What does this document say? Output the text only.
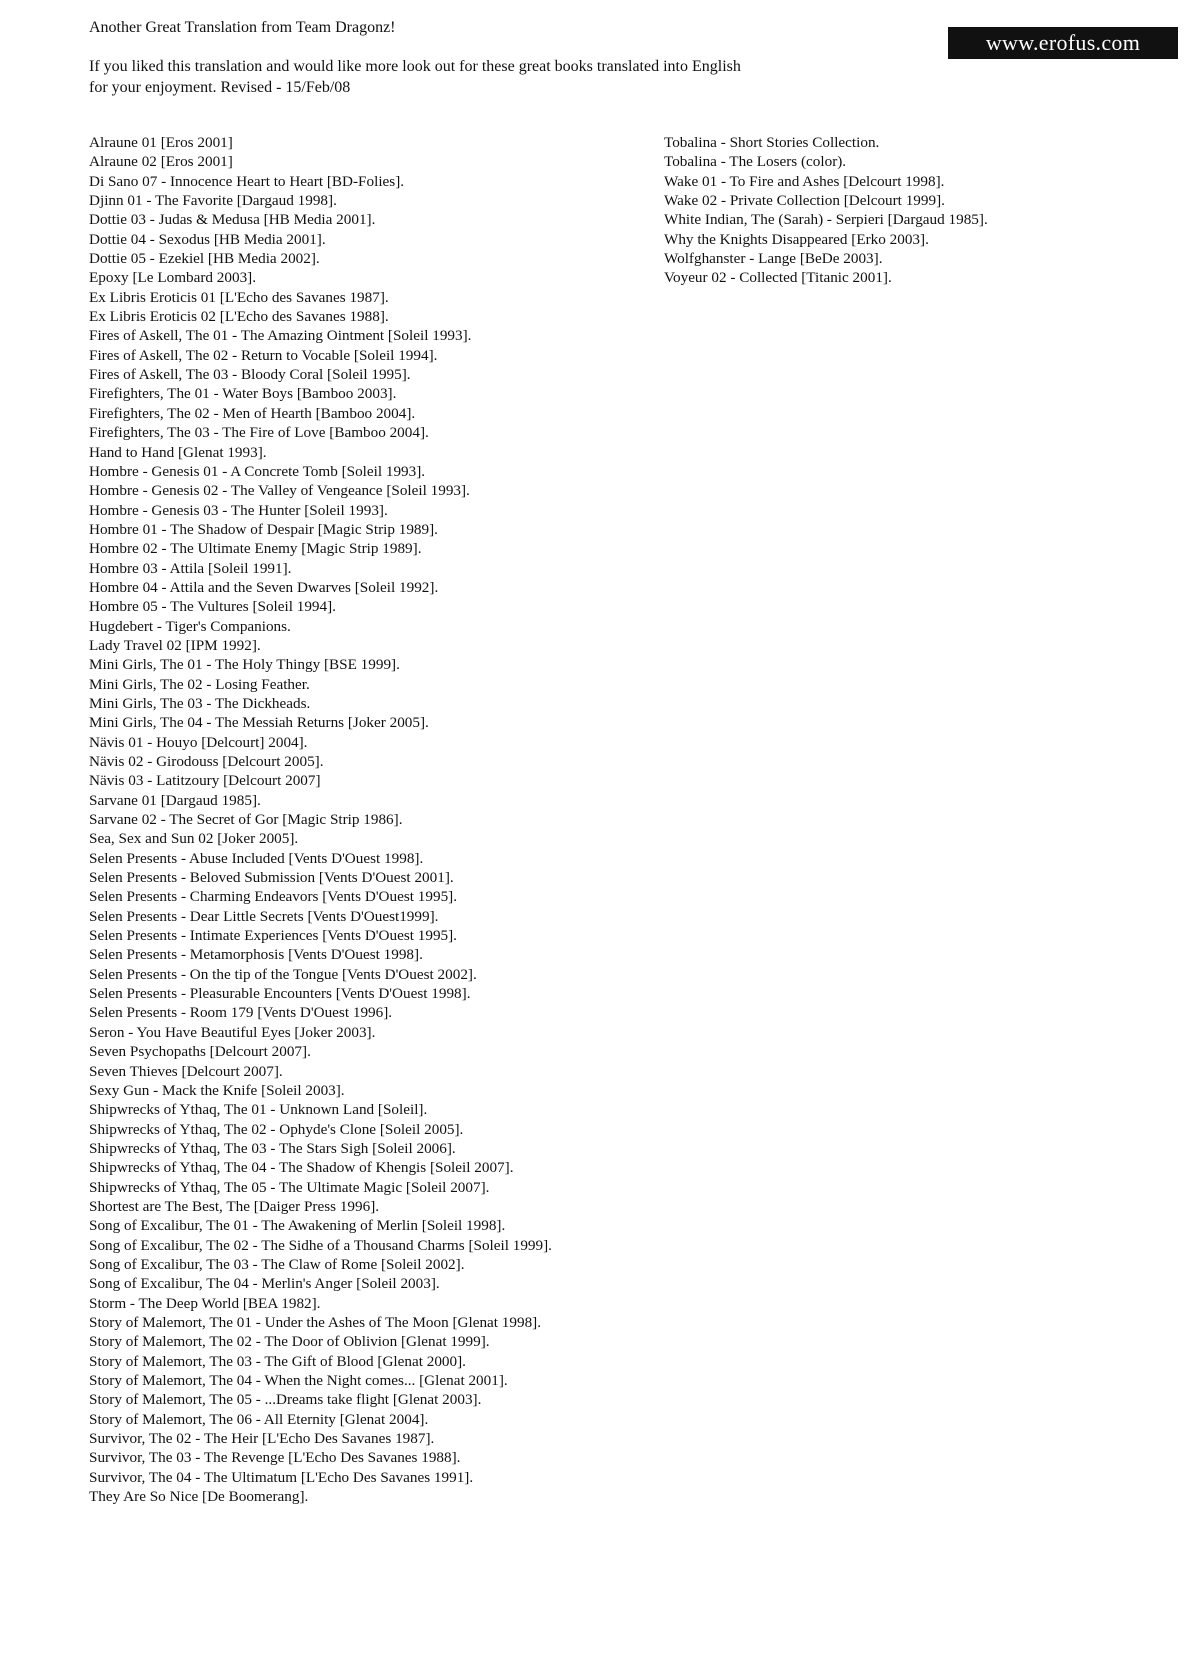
Another Great Translation from Team Dragonz!
If you liked this translation and would like more look out for these great books translated into English
for your enjoyment. Revised - 15/Feb/08
www.erofus.com
Alraune 01 [Eros 2001]
Alraune 02 [Eros 2001]
Di Sano 07 - Innocence Heart to Heart [BD-Folies].
Djinn 01 - The Favorite [Dargaud 1998].
Dottie 03 - Judas & Medusa [HB Media 2001].
Dottie 04 - Sexodus [HB Media 2001].
Dottie 05 - Ezekiel [HB Media 2002].
Epoxy [Le Lombard 2003].
Ex Libris Eroticis 01 [L'Echo des Savanes 1987].
Ex Libris Eroticis 02 [L'Echo des Savanes 1988].
Fires of Askell, The 01 - The Amazing Ointment [Soleil 1993].
Fires of Askell, The 02 - Return to Vocable [Soleil 1994].
Fires of Askell, The 03 - Bloody Coral [Soleil 1995].
Firefighters, The 01 - Water Boys [Bamboo 2003].
Firefighters, The 02 - Men of Hearth [Bamboo 2004].
Firefighters, The 03 - The Fire of Love [Bamboo 2004].
Hand to Hand [Glenat 1993].
Hombre - Genesis 01 - A Concrete Tomb [Soleil 1993].
Hombre - Genesis 02 - The Valley of Vengeance [Soleil 1993].
Hombre - Genesis 03 - The Hunter [Soleil 1993].
Hombre 01 - The Shadow of Despair [Magic Strip 1989].
Hombre 02 - The Ultimate Enemy [Magic Strip 1989].
Hombre 03 - Attila [Soleil 1991].
Hombre 04 - Attila and the Seven Dwarves [Soleil 1992].
Hombre 05 - The Vultures [Soleil 1994].
Hugdebert - Tiger's Companions.
Lady Travel 02 [IPM 1992].
Mini Girls, The 01 - The Holy Thingy [BSE 1999].
Mini Girls, The 02 - Losing Feather.
Mini Girls, The 03 - The Dickheads.
Mini Girls, The 04 - The Messiah Returns [Joker 2005].
Nävis 01 - Houyo [Delcourt] 2004].
Nävis 02 - Girodouss [Delcourt 2005].
Nävis 03 - Latitzoury [Delcourt 2007]
Sarvane 01 [Dargaud 1985].
Sarvane 02 - The Secret of Gor [Magic Strip 1986].
Sea, Sex and Sun 02 [Joker 2005].
Selen Presents - Abuse Included [Vents D'Ouest 1998].
Selen Presents - Beloved Submission [Vents D'Ouest 2001].
Selen Presents - Charming Endeavors [Vents D'Ouest 1995].
Selen Presents - Dear Little Secrets [Vents D'Ouest1999].
Selen Presents - Intimate Experiences [Vents D'Ouest 1995].
Selen Presents - Metamorphosis [Vents D'Ouest 1998].
Selen Presents - On the tip of the Tongue [Vents D'Ouest 2002].
Selen Presents - Pleasurable Encounters [Vents D'Ouest 1998].
Selen Presents - Room 179 [Vents D'Ouest 1996].
Seron - You Have Beautiful Eyes [Joker 2003].
Seven Psychopaths [Delcourt 2007].
Seven Thieves [Delcourt 2007].
Sexy Gun - Mack the Knife [Soleil 2003].
Shipwrecks of Ythaq, The 01 - Unknown Land [Soleil].
Shipwrecks of Ythaq, The 02 - Ophyde's Clone [Soleil 2005].
Shipwrecks of Ythaq, The 03 - The Stars Sigh [Soleil 2006].
Shipwrecks of Ythaq, The 04 - The Shadow of Khengis [Soleil 2007].
Shipwrecks of Ythaq, The 05 - The Ultimate Magic [Soleil 2007].
Shortest are The Best, The [Daiger Press 1996].
Song of Excalibur, The 01 - The Awakening of Merlin [Soleil 1998].
Song of Excalibur, The 02 - The Sidhe of a Thousand Charms [Soleil 1999].
Song of Excalibur, The 03 - The Claw of Rome [Soleil 2002].
Song of Excalibur, The 04 - Merlin's Anger [Soleil 2003].
Storm - The Deep World [BEA 1982].
Story of Malemort, The 01 - Under the Ashes of The Moon [Glenat 1998].
Story of Malemort, The 02 - The Door of Oblivion [Glenat 1999].
Story of Malemort, The 03 - The Gift of Blood [Glenat 2000].
Story of Malemort, The 04 - When the Night comes... [Glenat 2001].
Story of Malemort, The 05 - ...Dreams take flight [Glenat 2003].
Story of Malemort, The 06 - All Eternity [Glenat 2004].
Survivor, The 02 - The Heir [L'Echo Des Savanes 1987].
Survivor, The 03 - The Revenge [L'Echo Des Savanes 1988].
Survivor, The 04 - The Ultimatum [L'Echo Des Savanes 1991].
They Are So Nice [De Boomerang].
Tobalina - Short Stories Collection.
Tobalina - The Losers (color).
Wake 01 - To Fire and Ashes [Delcourt 1998].
Wake 02 - Private Collection [Delcourt 1999].
White Indian, The (Sarah) - Serpieri [Dargaud 1985].
Why the Knights Disappeared [Erko 2003].
Wolfghanster - Lange [BeDe 2003].
Voyeur 02 - Collected [Titanic 2001].
